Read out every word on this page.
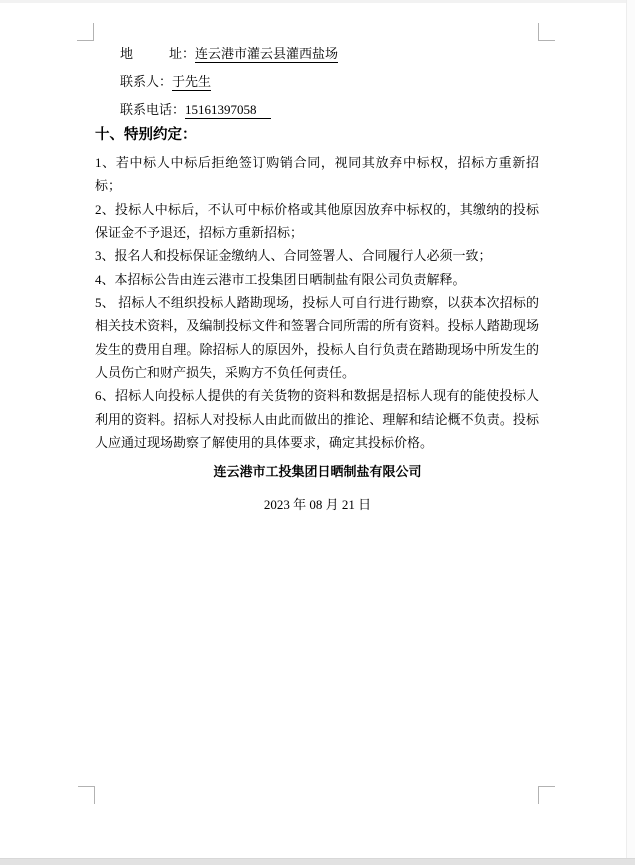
地	址：连云港市灌云县灌西盐场
联系人：于先生
联系电话：15161397058
十、特别约定：

1、若中标人中标后拒绝签订购销合同，视同其放弃中标权，招标方重新招标；

2、投标人中标后，不认可中标价格或其他原因放弃中标权的，其缴纳的投标保证金不予退还，招标方重新招标；

3、报名人和投标保证金缴纳人、合同签署人、合同履行人必须一致；

4、本招标公告由连云港市工投集团日晒制盐有限公司负责解释。

5、 招标人不组织投标人踏勘现场，投标人可自行进行勘察，以获本次招标的相关技术资料，及编制投标文件和签署合同所需的所有资料。投标人踏勘现场发生的费用自理。除招标人的原因外，投标人自行负责在踏勘现场中所发生的人员伤亡和财产损失，采购方不负任何责任。

6、招标人向投标人提供的有关货物的资料和数据是招标人现有的能使投标人利用的资料。招标人对投标人由此而做出的推论、理解和结论概不负责。投标人应通过现场勘察了解使用的具体要求，确定其投标价格。

连云港市工投集团日晒制盐有限公司
2023 年 08 月 21 日
